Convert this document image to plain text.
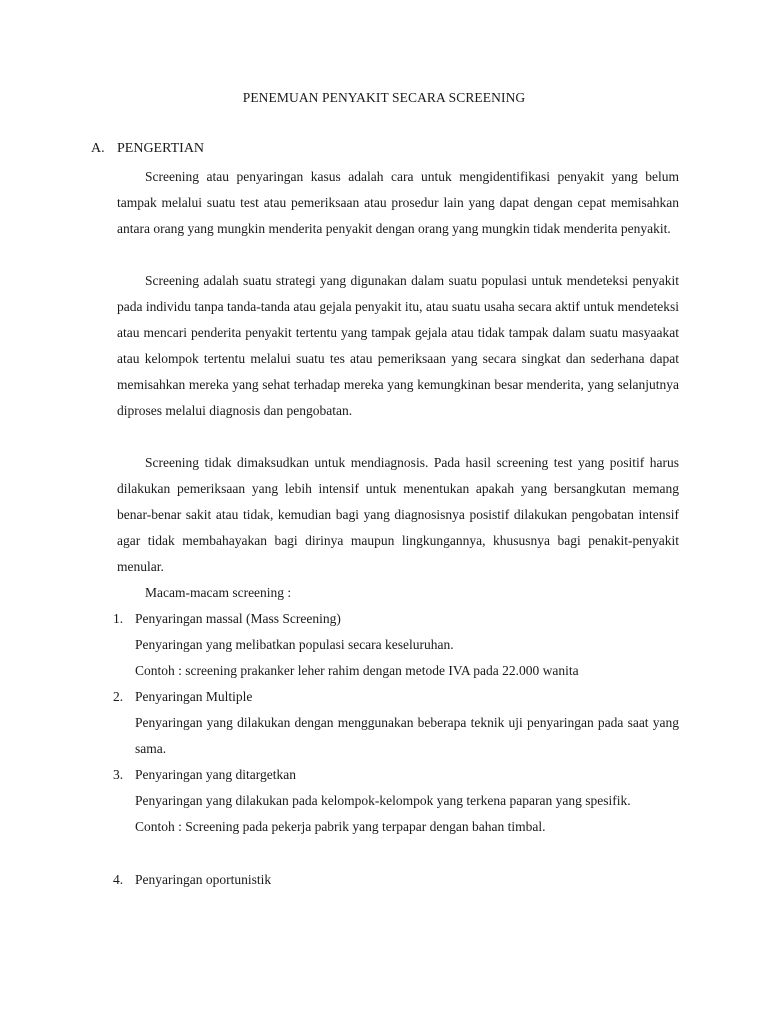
PENEMUAN PENYAKIT SECARA SCREENING
A. PENGERTIAN

Screening atau penyaringan kasus adalah cara untuk mengidentifikasi penyakit yang belum tampak melalui suatu test atau pemeriksaan atau prosedur lain yang dapat dengan cepat memisahkan antara orang yang mungkin menderita penyakit dengan orang yang mungkin tidak menderita penyakit.

Screening adalah suatu strategi yang digunakan dalam suatu populasi untuk mendeteksi penyakit pada individu tanpa tanda-tanda atau gejala penyakit itu, atau suatu usaha secara aktif untuk mendeteksi atau mencari penderita penyakit tertentu yang tampak gejala atau tidak tampak dalam suatu masyaakat atau kelompok tertentu melalui suatu tes atau pemeriksaan yang secara singkat dan sederhana dapat memisahkan mereka yang sehat terhadap mereka yang kemungkinan besar menderita, yang selanjutnya diproses melalui diagnosis dan pengobatan.

Screening tidak dimaksudkan untuk mendiagnosis. Pada hasil screening test yang positif harus dilakukan pemeriksaan yang lebih intensif untuk menentukan apakah yang bersangkutan memang benar-benar sakit atau tidak, kemudian bagi yang diagnosisnya posistif dilakukan pengobatan intensif agar tidak membahayakan bagi dirinya maupun lingkungannya, khususnya bagi penakit-penyakit menular.

Macam-macam screening :
1. Penyaringan massal (Mass Screening)

Penyaringan yang melibatkan populasi secara keseluruhan.

Contoh : screening prakanker leher rahim dengan metode IVA pada 22.000 wanita

2. Penyaringan Multiple

Penyaringan yang dilakukan dengan menggunakan beberapa teknik uji penyaringan pada saat yang sama.

3. Penyaringan yang ditargetkan

Penyaringan yang dilakukan pada kelompok-kelompok yang terkena paparan yang spesifik.

Contoh : Screening pada pekerja pabrik yang terpapar dengan bahan timbal.

4. Penyaringan oportunistik
